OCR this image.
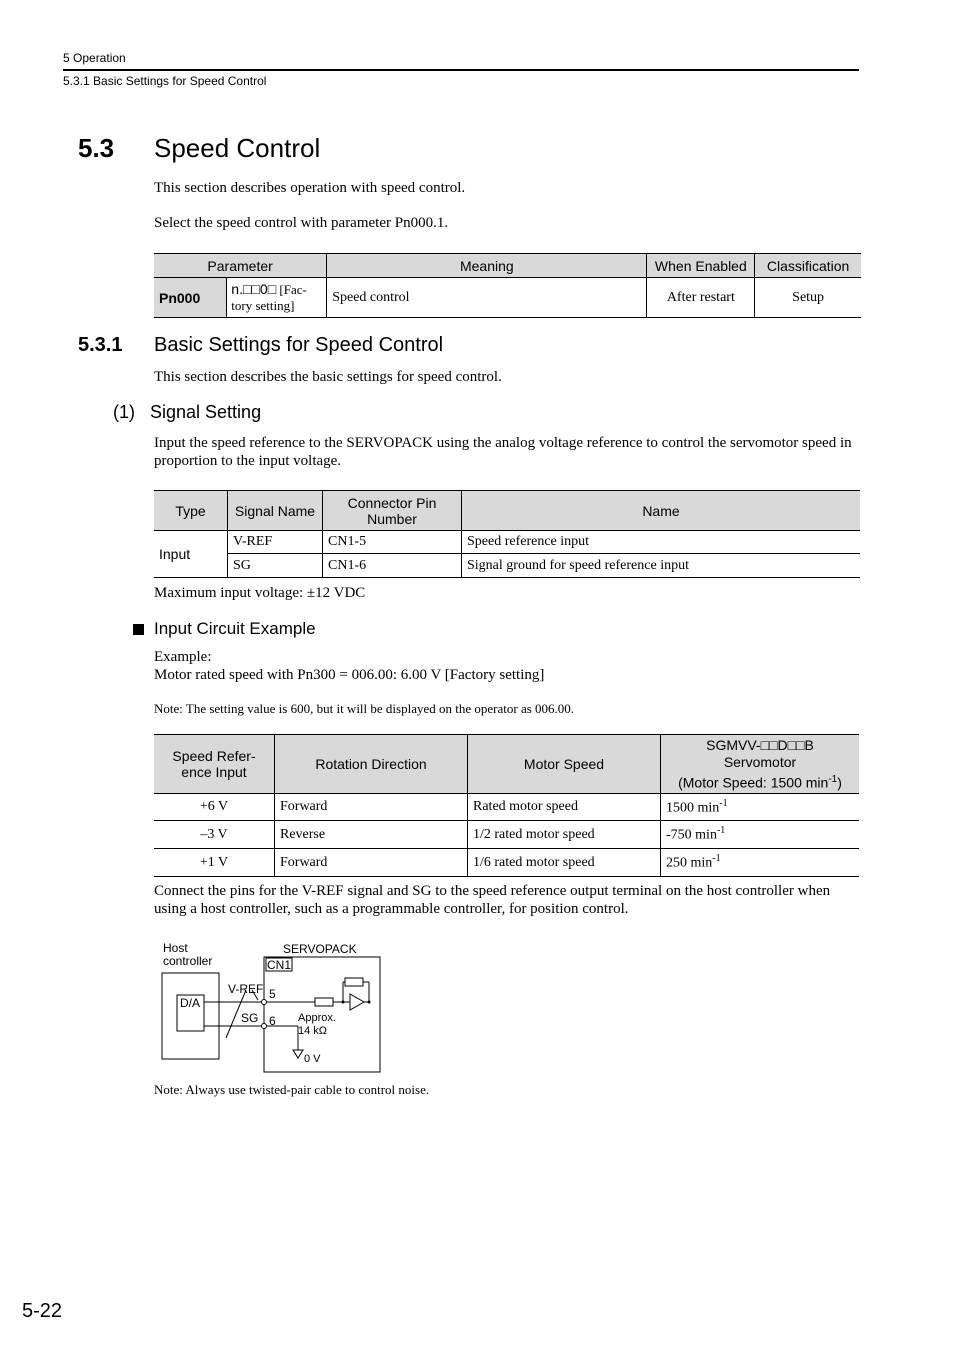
5 Operation
5.3.1 Basic Settings for Speed Control
5.3 Speed Control
This section describes operation with speed control.
Select the speed control with parameter Pn000.1.
Parameter		Meaning	When Enabled	Classification
Pn000	n.□□0□ [Fac-tory setting]	Speed control	After restart	Setup
5.3.1 Basic Settings for Speed Control
This section describes the basic settings for speed control.
(1)   Signal Setting
Input the speed reference to the SERVOPACK using the analog voltage reference to control the servomotor speed in proportion to the input voltage.
Type	Signal Name	Connector Pin Number	Name
Input	V-REF	CN1-5	Speed reference input
	SG	CN1-6	Signal ground for speed reference input
Maximum input voltage: ±12 VDC
Input Circuit Example
Example:
Motor rated speed with Pn300 = 006.00: 6.00 V [Factory setting]
Note: The setting value is 600, but it will be displayed on the operator as 006.00.
Speed Refer-ence Input	Rotation Direction	Motor Speed	SGMVV-□□D□□B
Servomotor
(Motor Speed: 1500 $\min^{-1}$)

+6 V	Forward	Rated motor speed	1500 $\min^{-1}$
–3 V	Reverse	1/2 rated motor speed	-750 $\min^{-1}$
+1 V	Forward	1/6 rated motor speed	250 $\min^{-1}$
Connect the pins for the V-REF signal and SG to the speed reference output terminal on the host controller when using a host controller, such as a programmable controller, for position control.
Host controller
SERVOPACK
CN1
D/A
V-REF 5
SG 6 Approx.
14 kΩ
0 V
Note: Always use twisted-pair cable to control noise.
5-22
